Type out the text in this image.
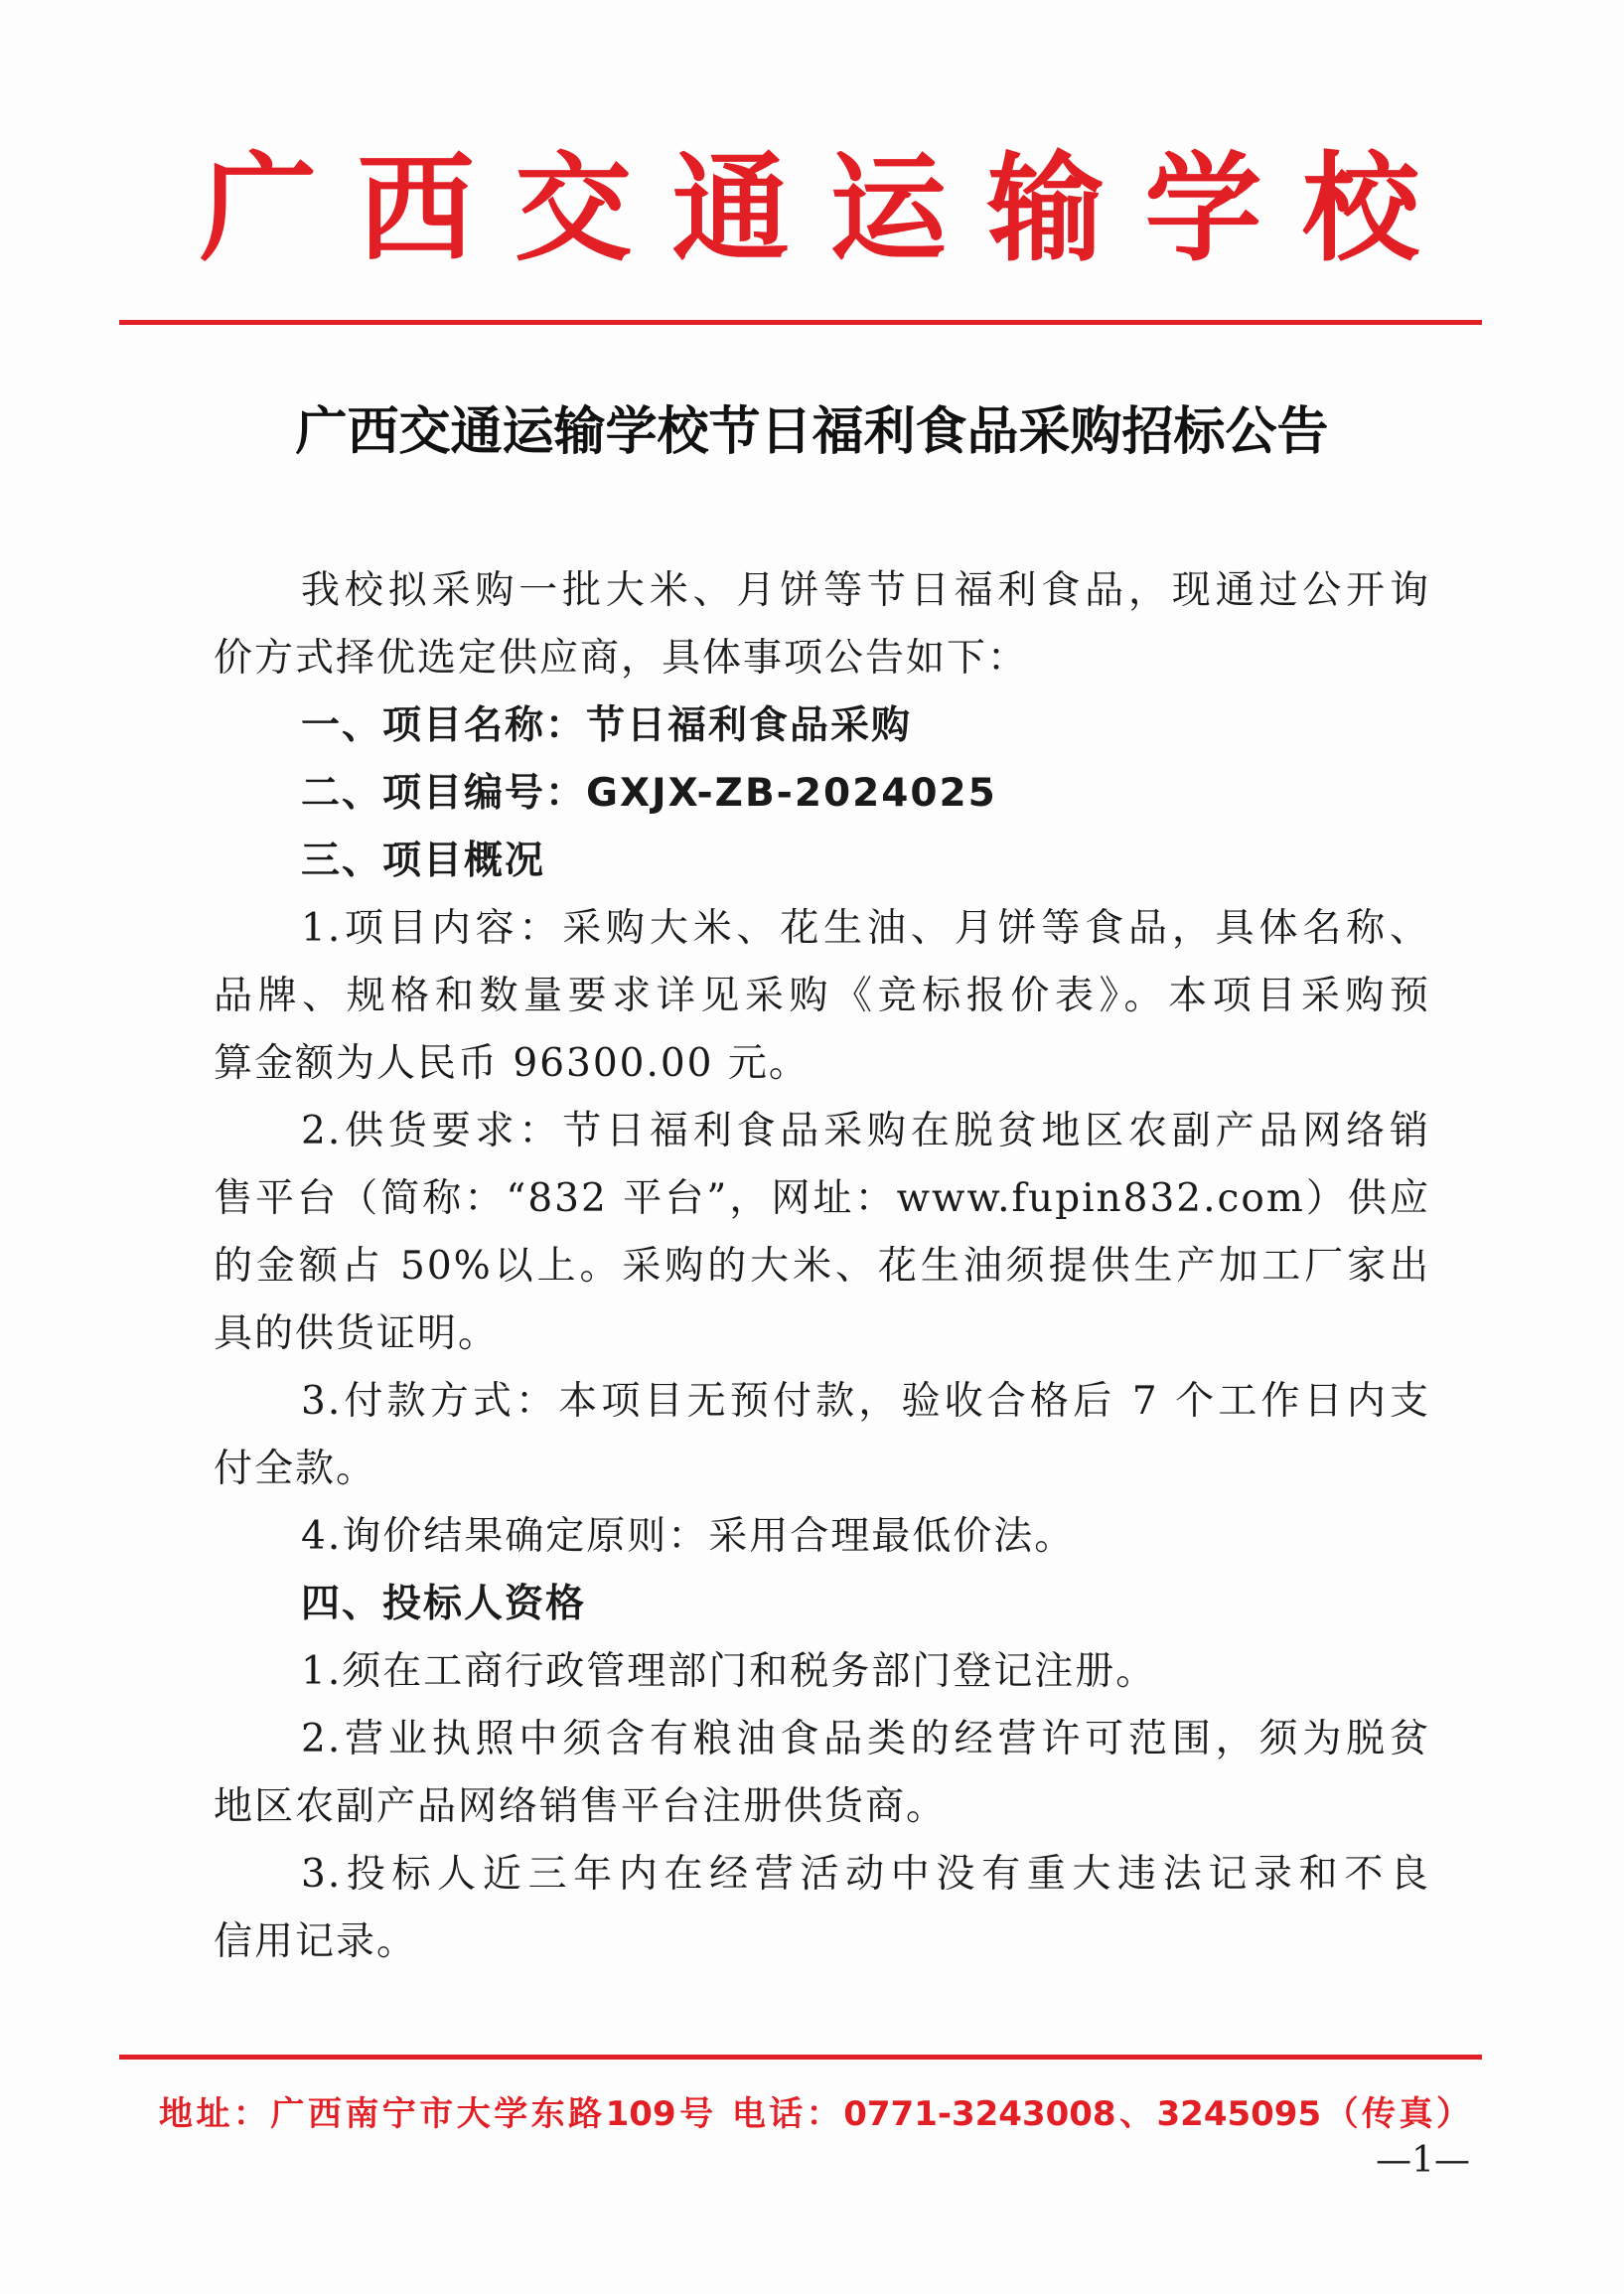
广 西 交 通 运 输 学 校
广西交通运输学校节日福利食品采购招标公告
我校拟采购一批大米、月饼等节日福利食品，现通过公开询
价方式择优选定供应商，具体事项公告如下：
一、项目名称：节日福利食品采购
二、项目编号：GXJX-ZB-2024025
三、项目概况
1.项目内容：采购大米、花生油、月饼等食品，具体名称、
品牌、规格和数量要求详见采购《竞标报价表》。本项目采购预
算金额为人民币 96300.00 元。
2.供货要求：节日福利食品采购在脱贫地区农副产品网络销
售平台（简称：“832 平台”，网址：www.fupin832.com）供应
的金额占 50%以上。采购的大米、花生油须提供生产加工厂家出
具的供货证明。
3.付款方式：本项目无预付款，验收合格后 7 个工作日内支
付全款。
4.询价结果确定原则：采用合理最低价法。
四、投标人资格
1.须在工商行政管理部门和税务部门登记注册。
2.营业执照中须含有粮油食品类的经营许可范围，须为脱贫
地区农副产品网络销售平台注册供货商。
3.投标人近三年内在经营活动中没有重大违法记录和不良
信用记录。
地址：广西南宁市大学东路109号 电话：0771-3243008、3245095（传真）
—1—
